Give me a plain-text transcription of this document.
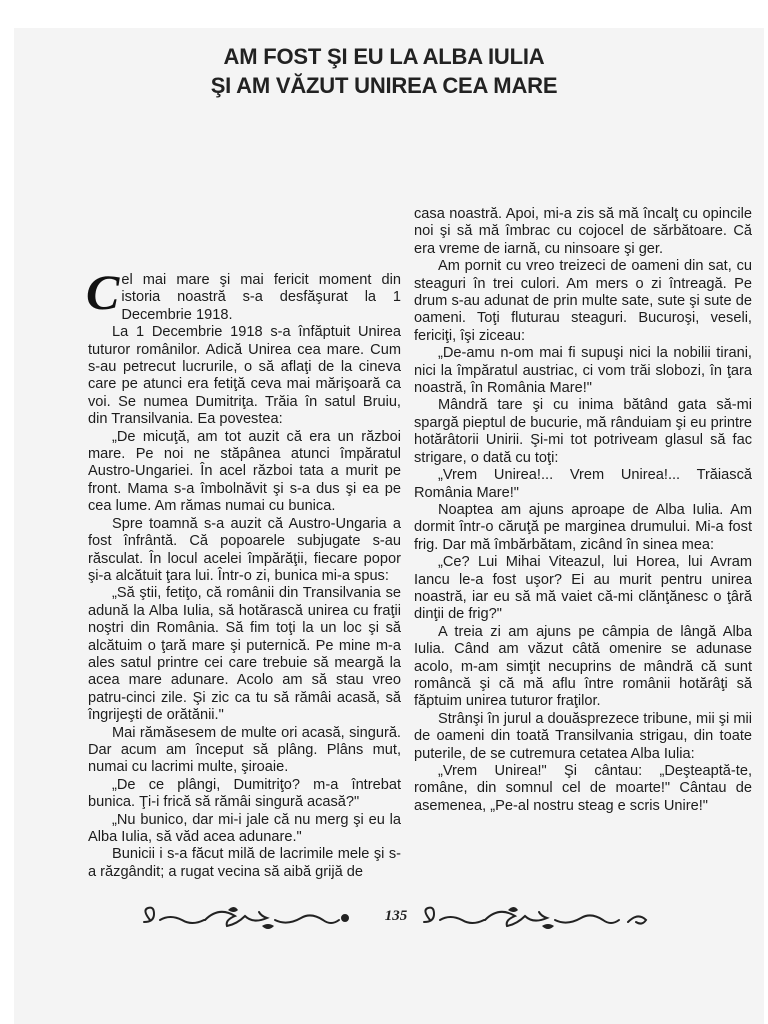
AM FOST ŞI EU LA ALBA IULIA
ŞI AM VĂZUT UNIREA CEA MARE

Cel mai mare şi mai fericit moment din istoria noastră s-a desfăşurat la 1 Decembrie 1918.

La 1 Decembrie 1918 s-a înfăptuit Unirea tuturor românilor. Adică Unirea cea mare. Cum s-au petrecut lucrurile, o să aflaţi de la cineva care pe atunci era fetiţă ceva mai mărişoară ca voi. Se numea Dumitriţa. Trăia în satul Bruiu, din Transilvania. Ea povestea:

„De micuţă, am tot auzit că era un război mare. Pe noi ne stăpânea atunci împăratul Austro-Ungariei. În acel război tata a murit pe front. Mama s-a îmbolnăvit şi s-a dus şi ea pe cea lume. Am rămas numai cu bunica.

Spre toamnă s-a auzit că Austro-Ungaria a fost înfrântă. Că popoarele subjugate s-au răsculat. În locul acelei împărăţii, fiecare popor şi-a alcătuit ţara lui. Într-o zi, bunica mi-a spus:

„Să ştii, fetiţo, că românii din Transilvania se adună la Alba Iulia, să hotărască unirea cu fraţii noştri din România. Să fim toţi la un loc şi să alcătuim o ţară mare şi puternică. Pe mine m-a ales satul printre cei care trebuie să meargă la acea mare adunare. Acolo am să stau vreo patru-cinci zile. Şi zic ca tu să rămâi acasă, să îngrijeşti de orătănii."

Mai rămăsesem de multe ori acasă, singură. Dar acum am început să plâng. Plâns mut, numai cu lacrimi multe, şiroaie.

„De ce plângi, Dumitriţo? m-a întrebat bunica. Ţi-i frică să rămâi singură acasă?"

„Nu bunico, dar mi-i jale că nu merg şi eu la Alba Iulia, să văd acea adunare."

Bunicii i s-a făcut milă de lacrimile mele şi s-a răzgândit; a rugat vecina să aibă grijă de

casa noastră. Apoi, mi-a zis să mă încalţ cu opincile noi şi să mă îmbrac cu cojocel de sărbătoare. Că era vreme de iarnă, cu ninsoare şi ger.

Am pornit cu vreo treizeci de oameni din sat, cu steaguri în trei culori. Am mers o zi întreagă. Pe drum s-au adunat de prin multe sate, sute şi sute de oameni. Toţi fluturau steaguri. Bucuroşi, veseli, fericiţi, îşi ziceau:

„De-amu n-om mai fi supuşi nici la nobilii tirani, nici la împăratul austriac, ci vom trăi slobozi, în ţara noastră, în România Mare!"

Mândră tare şi cu inima bătând gata să-mi spargă pieptul de bucurie, mă rânduiam şi eu printre hotărâtorii Unirii. Şi-mi tot potriveam glasul să fac strigare, o dată cu toţi:

„Vrem Unirea!... Vrem Unirea!... Trăiască România Mare!"

Noaptea am ajuns aproape de Alba Iulia. Am dormit într-o căruţă pe marginea drumului. Mi-a fost frig. Dar mă îmbărbătam, zicând în sinea mea:

„Ce? Lui Mihai Viteazul, lui Horea, lui Avram Iancu le-a fost uşor? Ei au murit pentru unirea noastră, iar eu să mă vaiet că-mi clănţănesc o ţâră dinţii de frig?"

A treia zi am ajuns pe câmpia de lângă Alba Iulia. Când am văzut câtă omenire se adunase acolo, m-am simţit necuprins de mândră că sunt româncă şi că mă aflu între românii hotărâţi să făptuim unirea tuturor fraţilor.

Strânşi în jurul a douăsprezece tribune, mii şi mii de oameni din toată Transilvania strigau, din toate puterile, de se cutremura cetatea Alba Iulia:

„Vrem Unirea!" Şi cântau: „Deşteaptă-te, române, din somnul cel de moarte!" Cântau de asemenea, „Pe-al nostru steag e scris Unire!"

135
